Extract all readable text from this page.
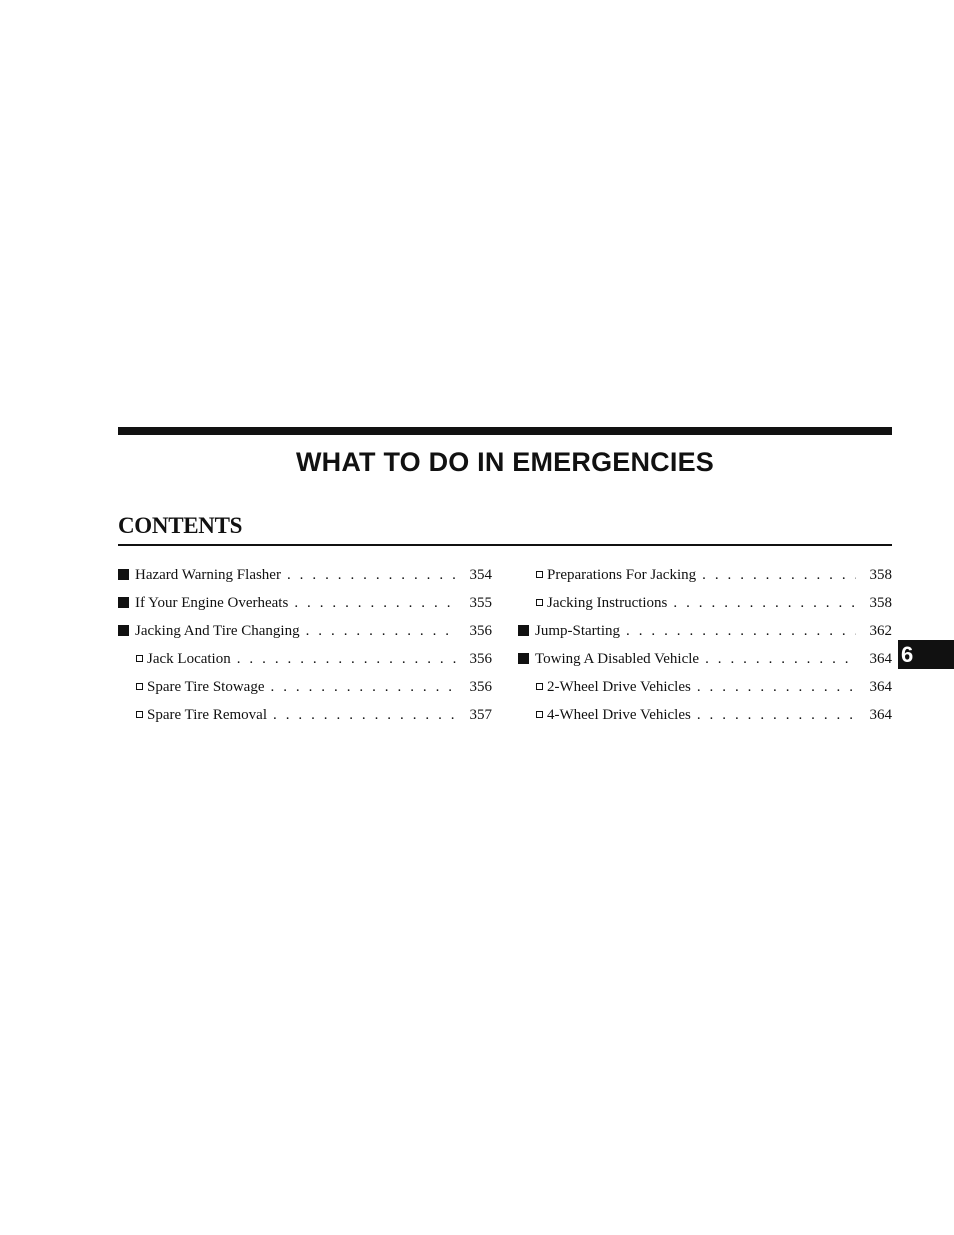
WHAT TO DO IN EMERGENCIES
CONTENTS
Hazard Warning Flasher . . .	354
If Your Engine Overheats . . .	355
Jacking And Tire Changing . . .	356
Jack Location . . .	356
Spare Tire Stowage . . .	356
Spare Tire Removal . . .	357
Preparations For Jacking . . .	358
Jacking Instructions . . .	358
Jump-Starting . . .	362
Towing A Disabled Vehicle . . .	364
2-Wheel Drive Vehicles . . .	364
4-Wheel Drive Vehicles . . .	364
6
